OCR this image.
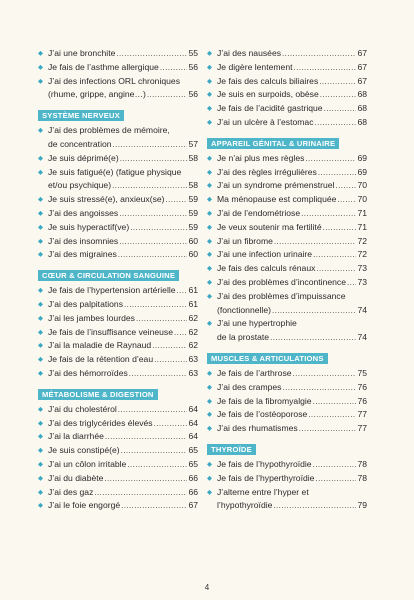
◆ J’ai une bronchite .....	55
◆ Je fais de l’asthme allergique .....	56
◆ J’ai des infections ORL chroniques
(rhume, grippe, angine…) .....	56
SYSTÈME NERVEUX
◆ J’ai des problèmes de mémoire,
de concentration .....	57
◆ Je suis déprimé(e) .....	58
◆ Je suis fatigué(e) (fatigue physique
et/ou psychique) .....	58
◆ Je suis stressé(e), anxieux(se) .....	59
◆ J’ai des angoisses .....	59
◆ Je suis hyperactif(ve) .....	59
◆ J’ai des insomnies .....	60
◆ J’ai des migraines .....	60
CŒUR & CIRCULATION SANGUINE
◆ Je fais de l’hypertension artérielle ..... 61
◆ J’ai des palpitations .....	61
◆ J’ai les jambes lourdes .....	62
◆ Je fais de l’insuffisance veineuse ..... 62
◆ J’ai la maladie de Raynaud .....	62
◆ Je fais de la rétention d’eau .....	63
◆ J’ai des hémorroïdes .....	63
MÉTABOLISME & DIGESTION
◆ J’ai du cholestérol .....	64
◆ J’ai des triglycérides élevés .....	64
◆ J’ai la diarrhée .....	64
◆ Je suis constipé(e) .....	65
◆ J’ai un côlon irritable .....	65
◆ J’ai du diabète .....	66
◆ J’ai des gaz .....	66
◆ J’ai le foie engorgé .....	67
◆ J’ai des nausées .....	67
◆ Je digère lentement .....	67
◆ Je fais des calculs biliaires .....	67
◆ Je suis en surpoids, obèse .....	68
◆ Je fais de l’acidité gastrique .....	68
◆ J’ai un ulcère à l’estomac .....	68
APPAREIL GÉNITAL & URINAIRE
◆ Je n’ai plus mes règles .....	69
◆ J’ai des règles irrégulières .....	69
◆ J’ai un syndrome prémenstruel .....	70
◆ Ma ménopause est compliquée ..... 70
◆ J’ai de l’endométriose .....	71
◆ Je veux soutenir ma fertilité .....	71
◆ J’ai un fibrome .....	72
◆ J’ai une infection urinaire .....	72
◆ Je fais des calculs rénaux .....	73
◆ J’ai des problèmes d’incontinence ..... 73
◆ J’ai des problèmes d’impuissance
(fonctionnelle) .....	74
◆ J’ai une hypertrophie
de la prostate .....	74
MUSCLES & ARTICULATIONS
◆ Je fais de l’arthrose .....	75
◆ J’ai des crampes .....	76
◆ Je fais de la fibromyalgie .....	76
◆ Je fais de l’ostéoporose .....	77
◆ J’ai des rhumatismes .....	77
THYROÏDE
◆ Je fais de l’hypothyroïdie .....	78
◆ Je fais de l’hyperthyroïdie .....	78
◆ J’alterne entre l’hyper et
l’hypothyroïdie .....	79
4
